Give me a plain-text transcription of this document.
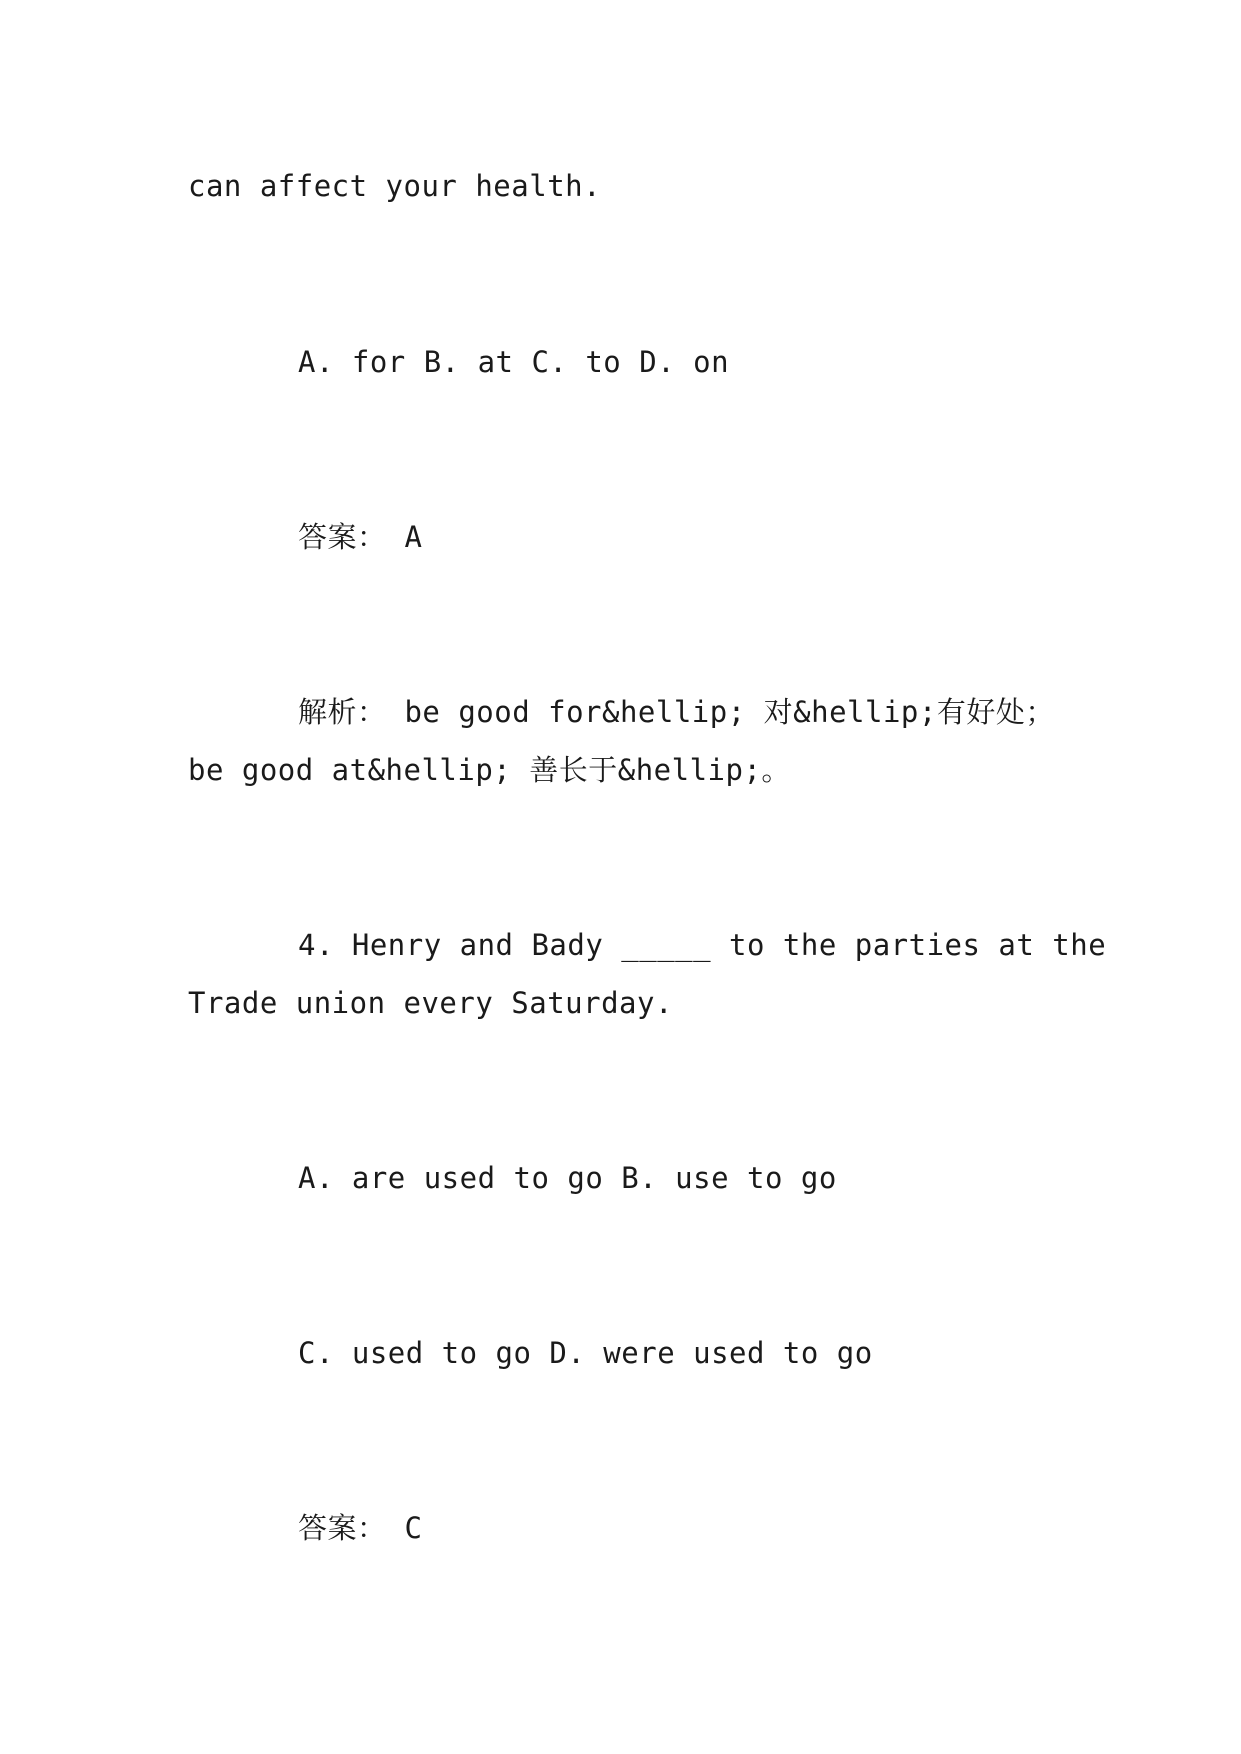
can affect your health.
A. for B. at C. to D. on
答案： A
解析： be good for&hellip; 对&hellip;有好处；
be good at&hellip; 善长于&hellip;。
4. Henry and Bady _____ to the parties at the
Trade union every Saturday.
A. are used to go B. use to go
C. used to go D. were used to go
答案： C
